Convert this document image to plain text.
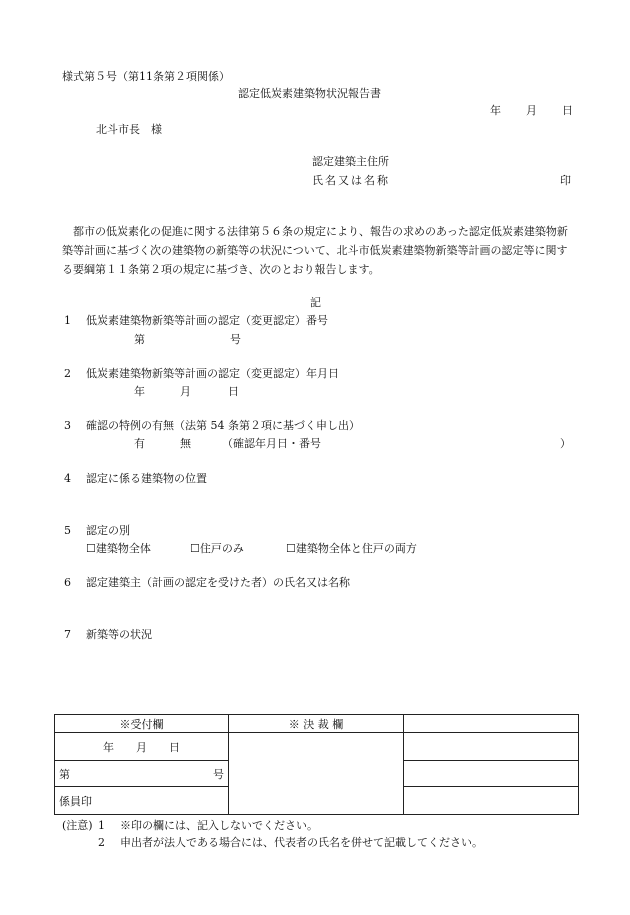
様式第５号（第11条第２項関係）
認定低炭素建築物状況報告書
年 月 日
北斗市長　様
認定建築主住所
氏名又は名称	印
　都市の低炭素化の促進に関する法律第５６条の規定により、報告の求めのあった認定低炭素建築物新築等計画に基づく次の建築物の新築等の状況について、北斗市低炭素建築物新築等計画の認定等に関する要綱第１１条第２項の規定に基づき、次のとおり報告します。
記
1 低炭素建築物新築等計画の認定（変更認定）番号
第	号
2 低炭素建築物新築等計画の認定（変更認定）年月日
年	月	日
3 確認の特例の有無（法第 54 条第２項に基づく申し出）
有	無	（確認年月日・番号	）
4 認定に係る建築物の位置
5 認定の別
☐建築物全体	☐住戸のみ	☐建築物全体と住戸の両方
6 認定建築主（計画の認定を受けた者）の氏名又は名称
7 新築等の状況
※受付欄	※ 決 裁 欄	
年　　月　　日		
第 号		

係員印		
(注意) 1 ※印の欄には、記入しないでください。
2 申出者が法人である場合には、代表者の氏名を併せて記載してください。
